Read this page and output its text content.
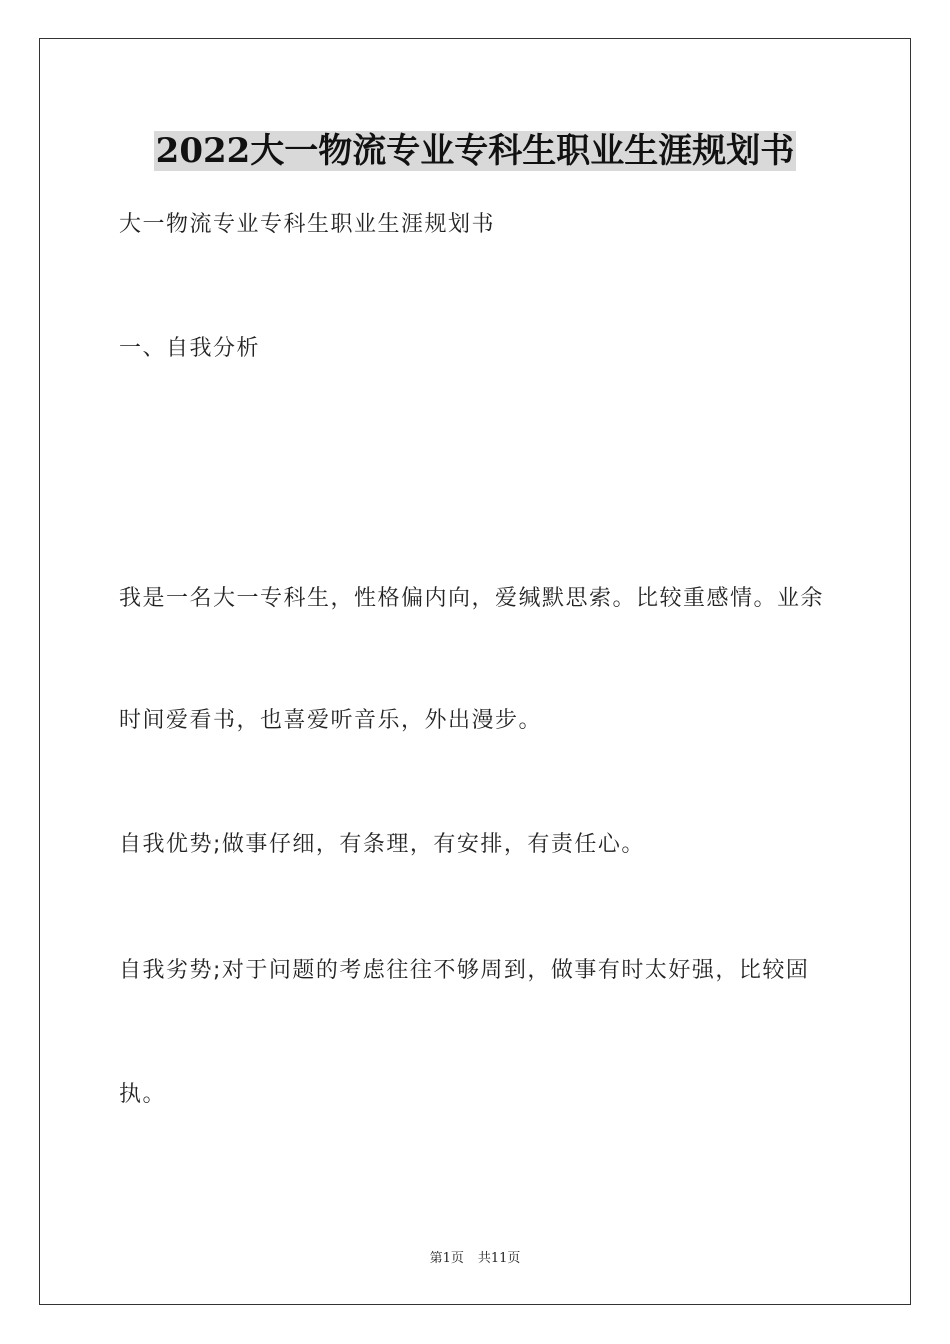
2022大一物流专业专科生职业生涯规划书
大一物流专业专科生职业生涯规划书
一、自我分析
我是一名大一专科生，性格偏内向，爱缄默思索。比较重感情。业余
时间爱看书，也喜爱听音乐，外出漫步。
自我优势;做事仔细，有条理，有安排，有责任心。
自我劣势;对于问题的考虑往往不够周到，做事有时太好强，比较固
执。
第1页 共11页
